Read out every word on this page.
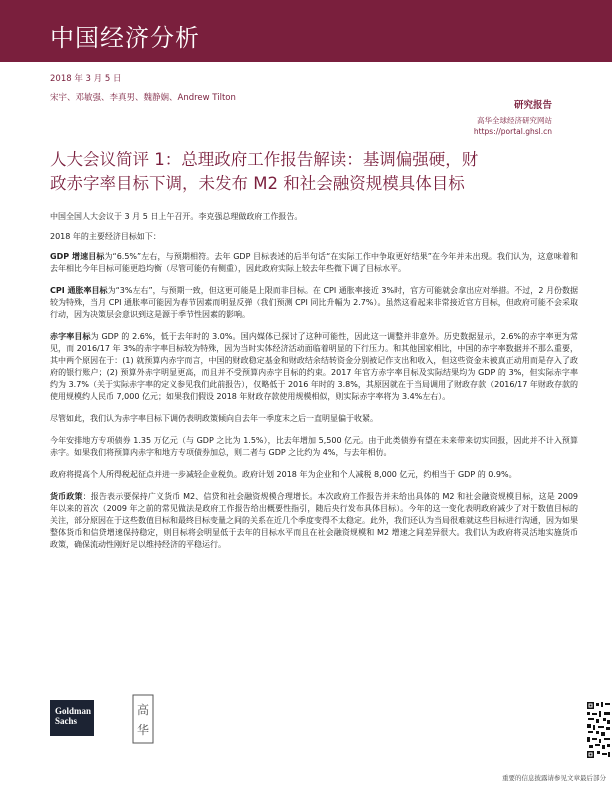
中国经济分析
2018 年 3 月 5 日
宋宇、邓敏强、李真男、魏静娴、Andrew Tilton
研究报告
高华全球经济研究网站
https://portal.ghsl.cn
人大会议简评 1：总理政府工作报告解读：基调偏强硬，财
政赤字率目标下调，未发布 M2 和社会融资规模具体目标

中国全国人大会议于 3 月 5 日上午召开。李克强总理做政府工作报告。

2018 年的主要经济目标如下：

GDP 增速目标为“6.5%”左右，与预期相符。去年 GDP 目标表述的后半句话“在实际工作中争取更好结果”在今年并未出现。我们认为，这意味着和去年相比今年目标可能更趋均衡（尽管可能仍有侧重），因此政府实际上较去年些微下调了目标水平。

CPI 通胀率目标为“3%左右”，与预期一致，但这更可能是上限而非目标。在 CPI 通胀率接近 3%时，官方可能就会拿出应对举措。不过，2 月份数据较为特殊，当月 CPI 通胀率可能因为春节因素而明显反弹（我们预测 CPI 同比升幅为 2.7%）。虽然这看起来非常接近官方目标，但政府可能不会采取行动，因为决策层会意识到这是源于季节性因素的影响。

赤字率目标为 GDP 的 2.6%，低于去年时的 3.0%。国内媒体已探讨了这种可能性，因此这一调整并非意外。历史数据显示，2.6%的赤字率更为常见，而 2016/17 年 3%的赤字率目标较为特殊，因为当时实体经济活动面临着明显的下行压力。和其他国家相比，中国的赤字率数据并不那么重要，其中两个原因在于：(1) 就预算内赤字而言，中国的财政稳定基金和财政结余结转资金分别被记作支出和收入，但这些资金未被真正动用而是存入了政府的银行账户；(2) 预算外赤字明显更高，而且并不受预算内赤字目标的约束。2017 年官方赤字率目标及实际结果均为 GDP 的 3%，但实际赤字率约为 3.7%（关于实际赤字率的定义参见我们此前报告），仅略低于 2016 年时的 3.8%，其原因就在于当局调用了财政存款（2016/17 年财政存款的使用规模约人民币 7,000 亿元；如果我们假设 2018 年财政存款使用规模相似，则实际赤字率将为 3.4%左右）。

尽管如此，我们认为赤字率目标下调仍表明政策倾向自去年一季度末之后一直明显偏于收紧。

今年安排地方专项债券 1.35 万亿元（与 GDP 之比为 1.5%），比去年增加 5,500 亿元。由于此类债券有望在未来带来切实回报，因此并不计入预算赤字。如果我们将预算内赤字和地方专项债券加总，则二者与 GDP 之比约为 4%，与去年相仿。

政府将提高个人所得税起征点并进一步减轻企业税负。政府计划 2018 年为企业和个人减税 8,000 亿元，约相当于 GDP 的 0.9%。

货币政策：报告表示要保持广义货币 M2、信贷和社会融资规模合理增长。本次政府工作报告并未给出具体的 M2 和社会融资规模目标，这是 2009 年以来的首次（2009 年之前的常见做法是政府工作报告给出概要性指引，随后央行发布具体目标）。今年的这一变化表明政府减少了对于数值目标的关注，部分原因在于这些数值目标和最终目标变量之间的关系在近几个季度变得不太稳定。此外，我们还认为当局很难就这些目标进行沟通，因为如果整体货币和信贷增速保持稳定，则目标将会明显低于去年的目标水平而且在社会融资规模和 M2 增速之间差异很大。我们认为政府将灵活地实施货币政策，确保流动性刚好足以维持经济的平稳运行。

Goldman
Sachs
高
华
重要的信息披露请参见文章最后部分
